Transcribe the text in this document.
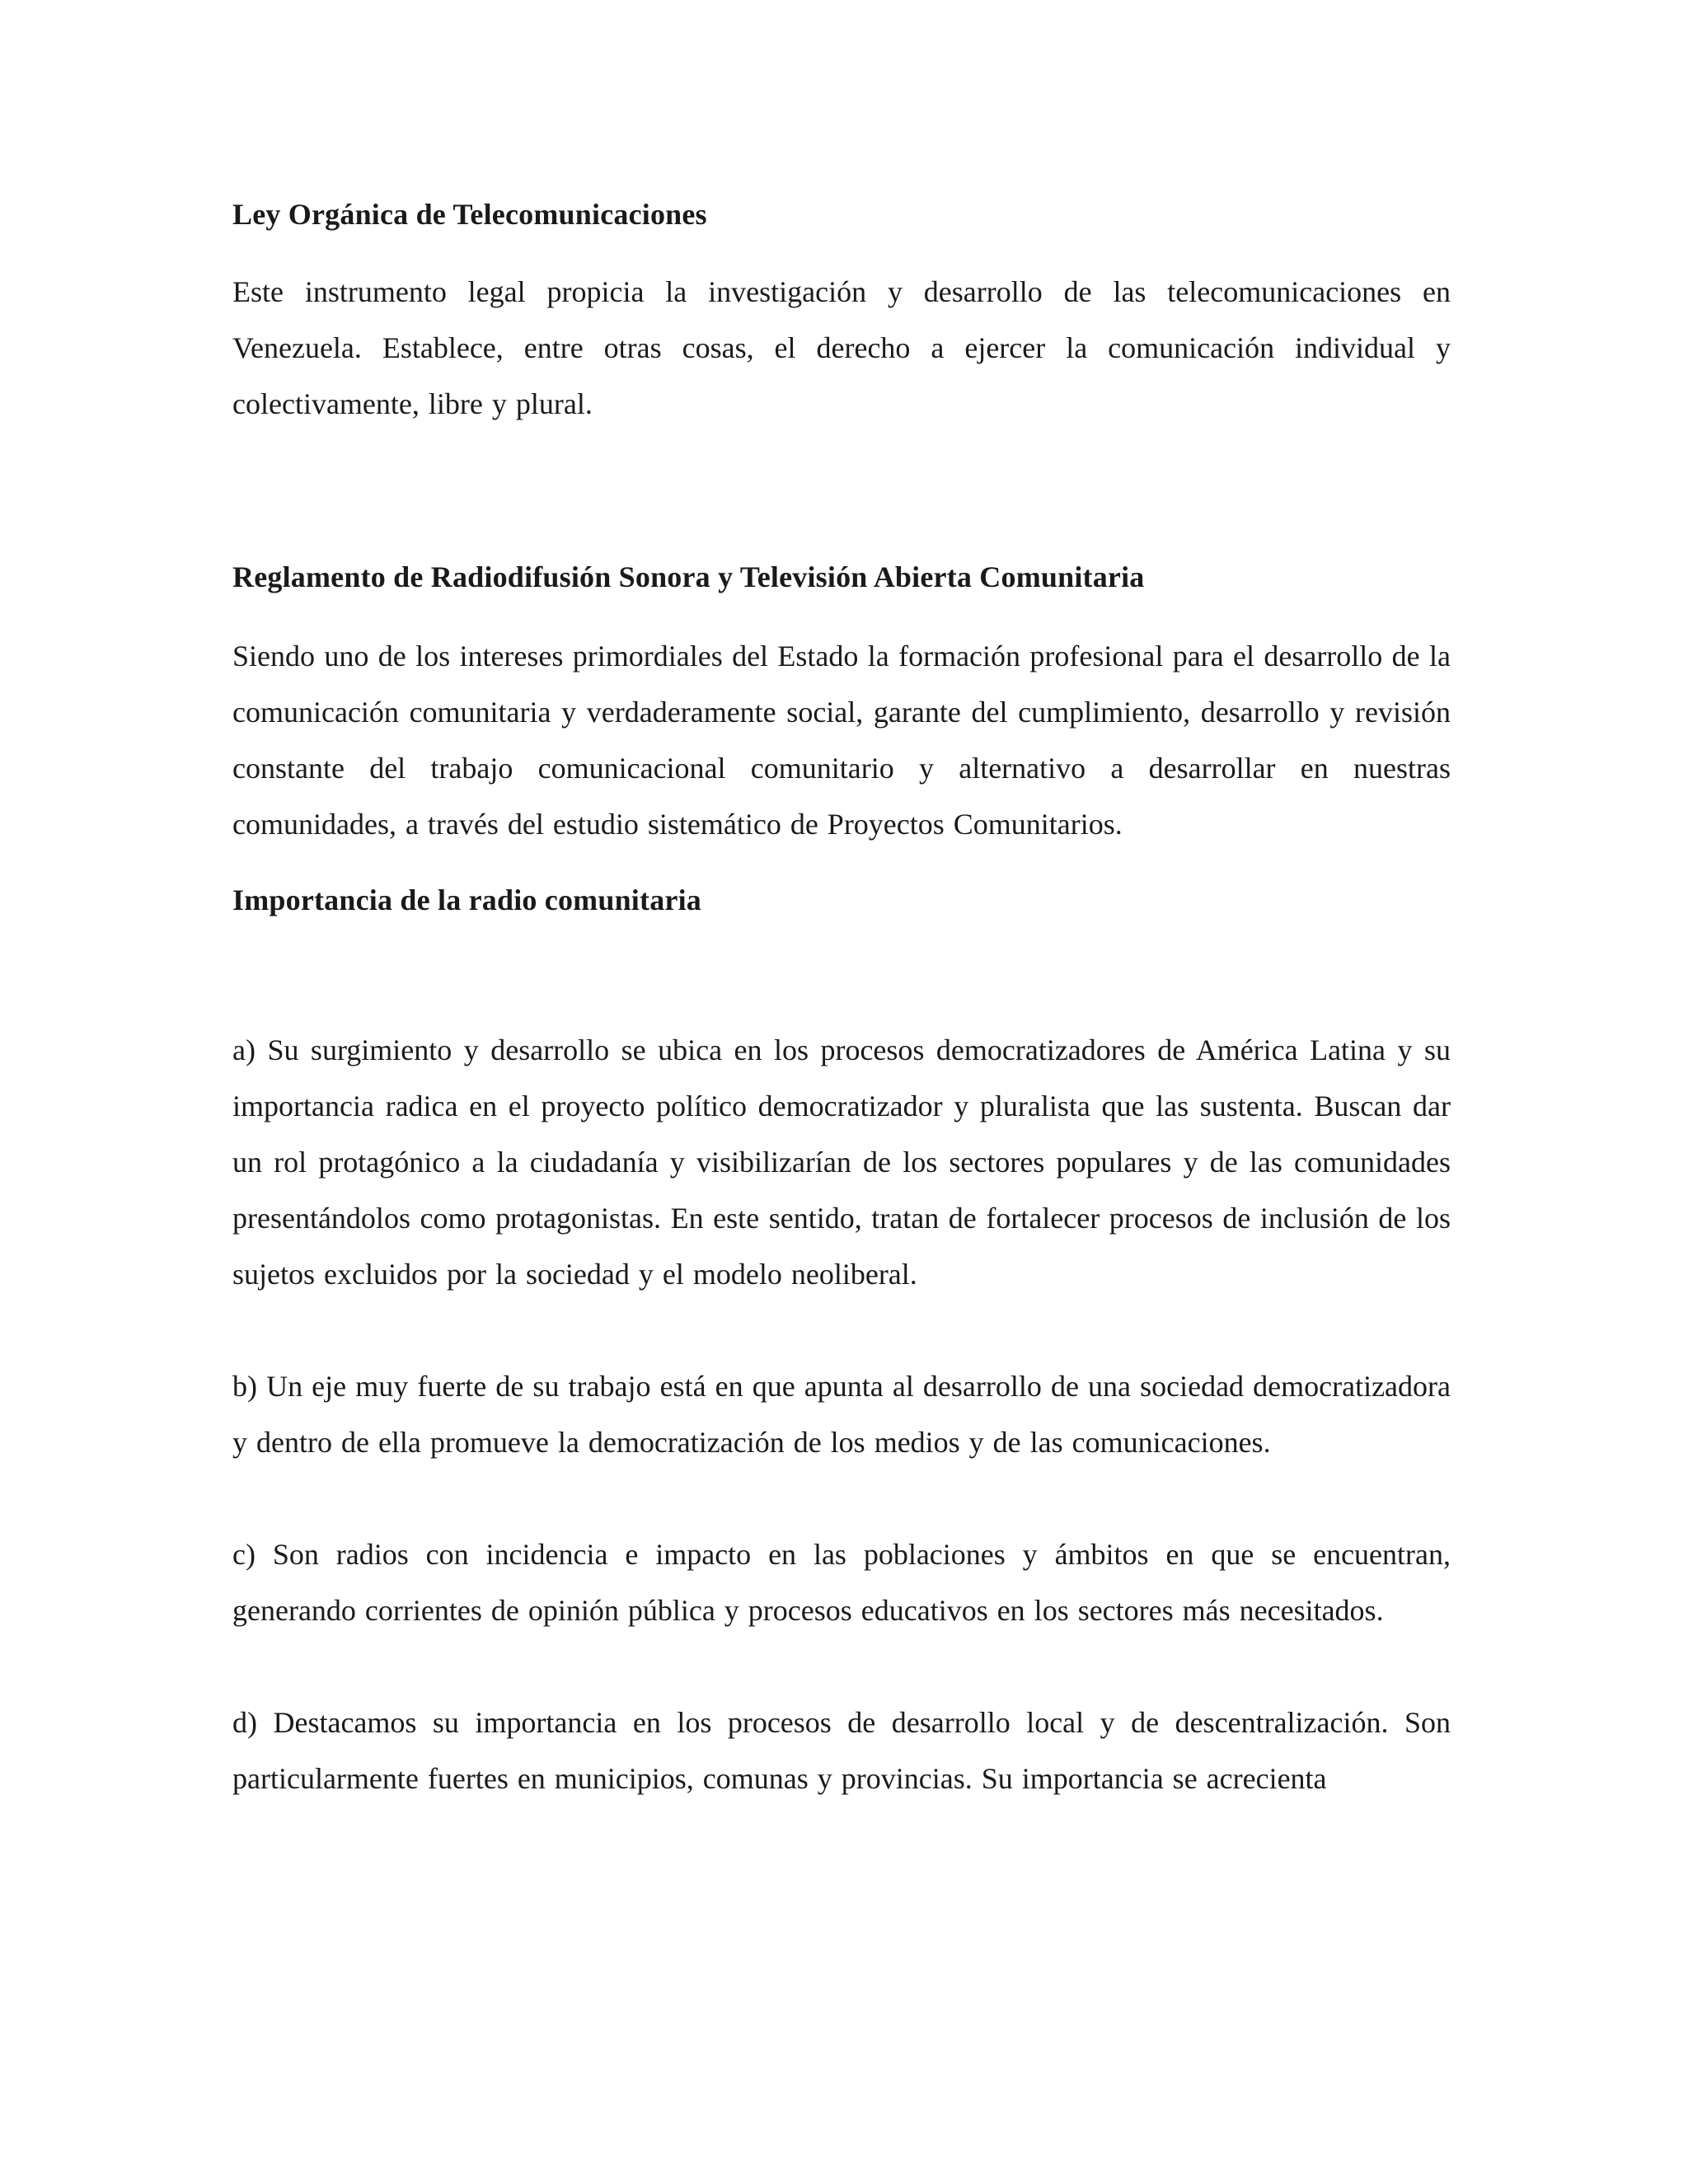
Ley Orgánica de Telecomunicaciones

Este instrumento legal propicia la investigación y desarrollo de las telecomunicaciones en Venezuela. Establece, entre otras cosas, el derecho a ejercer la comunicación individual y colectivamente, libre y plural.

Reglamento de Radiodifusión Sonora y Televisión Abierta Comunitaria

Siendo uno de los intereses primordiales del Estado la formación profesional para el desarrollo de la comunicación comunitaria y verdaderamente social, garante del cumplimiento, desarrollo y revisión constante del trabajo comunicacional comunitario y alternativo a desarrollar en nuestras comunidades, a través del estudio sistemático de Proyectos Comunitarios.

Importancia de la radio comunitaria

a) Su surgimiento y desarrollo se ubica en los procesos democratizadores de América Latina y su importancia radica en el proyecto político democratizador y pluralista que las sustenta. Buscan dar un rol protagónico a la ciudadanía y visibilizarían de los sectores populares y de las comunidades presentándolos como protagonistas. En este sentido, tratan de fortalecer procesos de inclusión de los sujetos excluidos por la sociedad y el modelo neoliberal.

b) Un eje muy fuerte de su trabajo está en que apunta al desarrollo de una sociedad democratizadora y dentro de ella promueve la democratización de los medios y de las comunicaciones.

c) Son radios con incidencia e impacto en las poblaciones y ámbitos en que se encuentran, generando corrientes de opinión pública y procesos educativos en los sectores más necesitados.

d) Destacamos su importancia en los procesos de desarrollo local y de descentralización. Son particularmente fuertes en municipios, comunas y provincias. Su importancia se acrecienta
